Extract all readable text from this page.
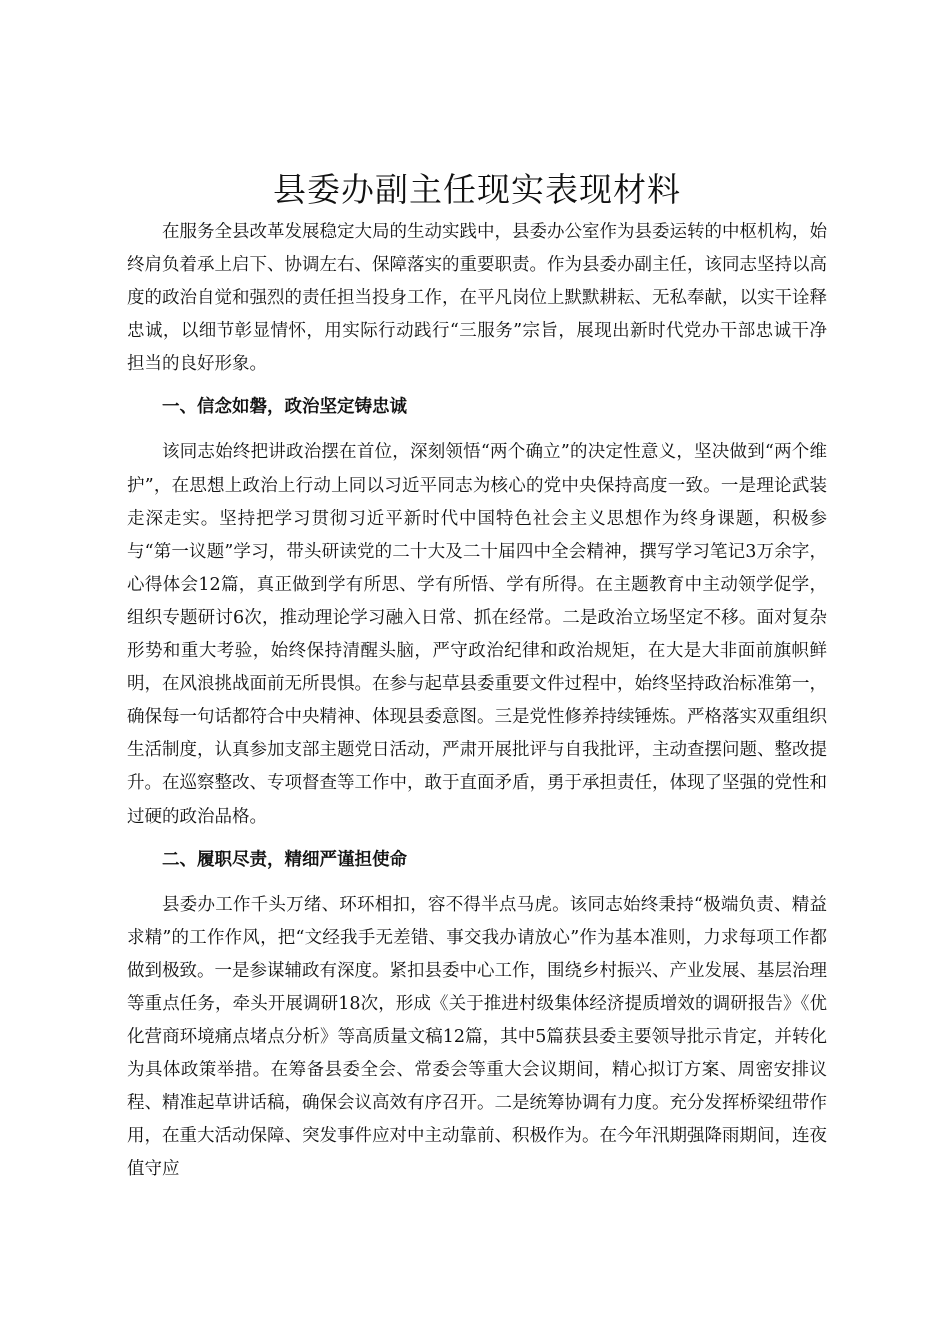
县委办副主任现实表现材料

在服务全县改革发展稳定大局的生动实践中，县委办公室作为县委运转的中枢机构，始终肩负着承上启下、协调左右、保障落实的重要职责。作为县委办副主任，该同志坚持以高度的政治自觉和强烈的责任担当投身工作，在平凡岗位上默默耕耘、无私奉献，以实干诠释忠诚，以细节彰显情怀，用实际行动践行“三服务”宗旨，展现出新时代党办干部忠诚干净担当的良好形象。

一、信念如磐，政治坚定铸忠诚

该同志始终把讲政治摆在首位，深刻领悟“两个确立”的决定性意义，坚决做到“两个维护”，在思想上政治上行动上同以习近平同志为核心的党中央保持高度一致。一是理论武装走深走实。坚持把学习贯彻习近平新时代中国特色社会主义思想作为终身课题，积极参与“第一议题”学习，带头研读党的二十大及二十届四中全会精神，撰写学习笔记3万余字，心得体会12篇，真正做到学有所思、学有所悟、学有所得。在主题教育中主动领学促学，组织专题研讨6次，推动理论学习融入日常、抓在经常。二是政治立场坚定不移。面对复杂形势和重大考验，始终保持清醒头脑，严守政治纪律和政治规矩，在大是大非面前旗帜鲜明，在风浪挑战面前无所畏惧。在参与起草县委重要文件过程中，始终坚持政治标准第一，确保每一句话都符合中央精神、体现县委意图。三是党性修养持续锤炼。严格落实双重组织生活制度，认真参加支部主题党日活动，严肃开展批评与自我批评，主动查摆问题、整改提升。在巡察整改、专项督查等工作中，敢于直面矛盾，勇于承担责任，体现了坚强的党性和过硬的政治品格。

二、履职尽责，精细严谨担使命

县委办工作千头万绪、环环相扣，容不得半点马虎。该同志始终秉持“极端负责、精益求精”的工作作风，把“文经我手无差错、事交我办请放心”作为基本准则，力求每项工作都做到极致。一是参谋辅政有深度。紧扣县委中心工作，围绕乡村振兴、产业发展、基层治理等重点任务，牵头开展调研18次，形成《关于推进村级集体经济提质增效的调研报告》《优化营商环境痛点堵点分析》等高质量文稿12篇，其中5篇获县委主要领导批示肯定，并转化为具体政策举措。在筹备县委全会、常委会等重大会议期间，精心拟订方案、周密安排议程、精准起草讲话稿，确保会议高效有序召开。二是统筹协调有力度。充分发挥桥梁纽带作用，在重大活动保障、突发事件应对中主动靠前、积极作为。在今年汛期强降雨期间，连夜值守应
